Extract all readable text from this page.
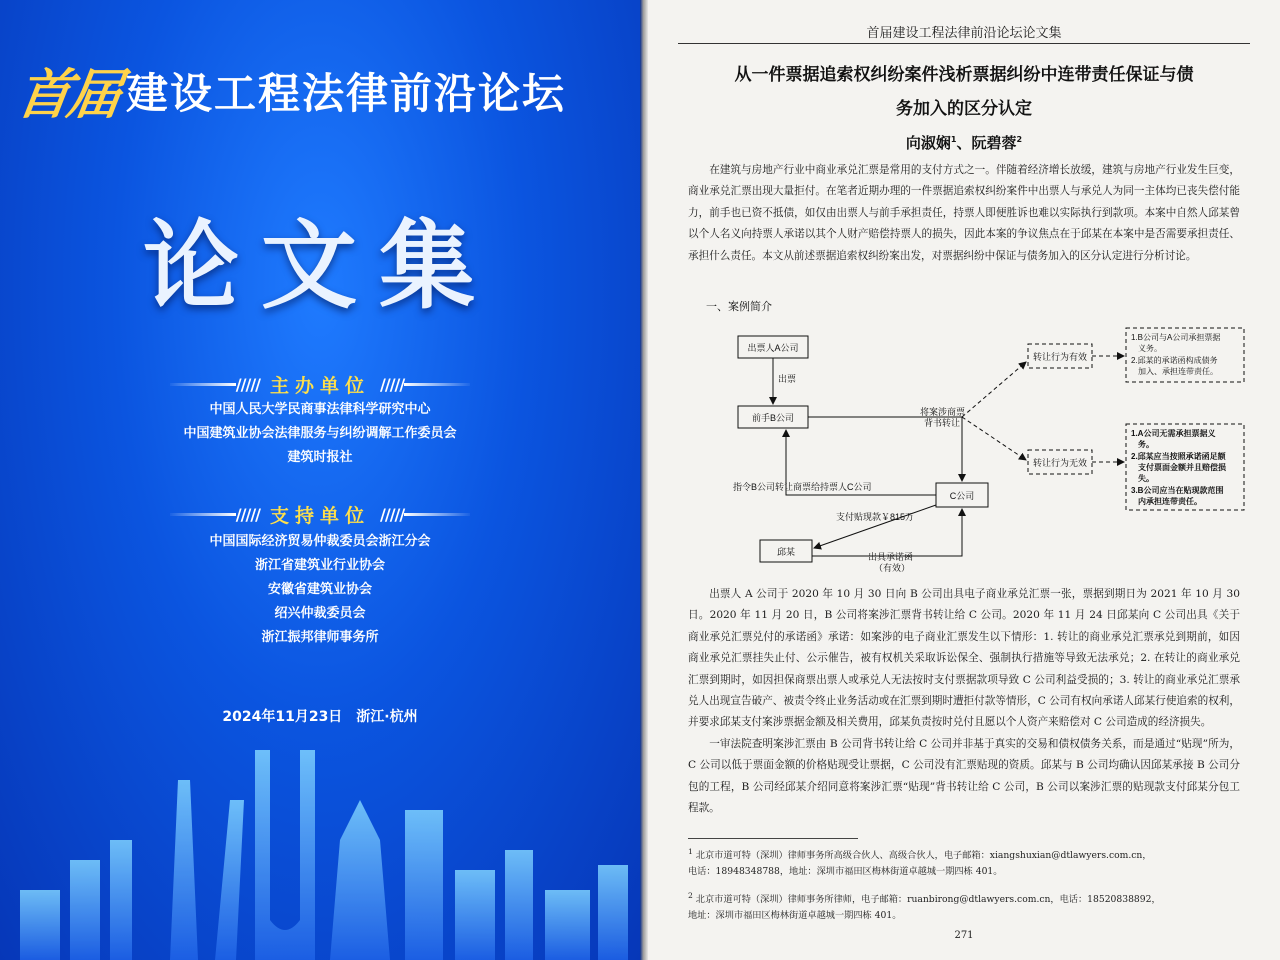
首届 建设工程法律前沿论坛
论文集
///// 主办单位 /////
中国人民大学民商事法律科学研究中心
中国建筑业协会法律服务与纠纷调解工作委员会
建筑时报社
///// 支持单位 /////
中国国际经济贸易仲裁委员会浙江分会
浙江省建筑业行业协会
安徽省建筑业协会
绍兴仲裁委员会
浙江振邦律师事务所
2024年11月23日　浙江·杭州
首届建设工程法律前沿论坛论文集
从一件票据追索权纠纷案件浅析票据纠纷中连带责任保证与债
务加入的区分认定
向淑娴$^1$、阮碧蓉$^2$

在建筑与房地产行业中商业承兑汇票是常用的支付方式之一。伴随着经济增长放缓，建筑与房地产行业发生巨变，商业承兑汇票出现大量拒付。在笔者近期办理的一件票据追索权纠纷案件中出票人与承兑人为同一主体均已丧失偿付能力，前手也已资不抵债，如仅由出票人与前手承担责任，持票人即便胜诉也难以实际执行到款项。本案中自然人邱某曾以个人名义向持票人承诺以其个人财产赔偿持票人的损失，因此本案的争议焦点在于邱某在本案中是否需要承担责任、承担什么责任。本文从前述票据追索权纠纷案出发，对票据纠纷中保证与债务加入的区分认定进行分析讨论。

一、案例简介
出票人A公司
前手B公司
C公司
邱某
出票
将案涉商票
背书转让
指令B公司转让商票给持票人C公司
支付贴现款￥815万
出具承诺函
（有效）
转让行为有效
转让行为无效
1.B公司与A公司承担票据 义务。 2.邱某的承诺函构成债务 加入、承担连带责任。
1.A公司无需承担票据义 务。 2.邱某应当按照承诺函足额 支付票面金额并且赔偿损 失。 3.B公司应当在贴现款范围 内承担连带责任。

出票人 A 公司于 2020 年 10 月 30 日向 B 公司出具电子商业承兑汇票一张，票据到期日为 2021 年 10 月 30 日。2020 年 11 月 20 日，B 公司将案涉汇票背书转让给 C 公司。2020 年 11 月 24 日邱某向 C 公司出具《关于商业承兑汇票兑付的承诺函》承诺：如案涉的电子商业汇票发生以下情形：1. 转让的商业承兑汇票承兑到期前，如因商业承兑汇票挂失止付、公示催告，被有权机关采取诉讼保全、强制执行措施等导致无法承兑；2. 在转让的商业承兑汇票到期时，如因担保商票出票人或承兑人无法按时支付票据款项导致 C 公司利益受损的；3. 转让的商业承兑汇票承兑人出现宣告破产、被责令终止业务活动或在汇票到期时遭拒付款等情形，C 公司有权向承诺人邱某行使追索的权利，并要求邱某支付案涉票据金额及相关费用，邱某负责按时兑付且愿以个人资产来赔偿对 C 公司造成的经济损失。

一审法院查明案涉汇票由 B 公司背书转让给 C 公司并非基于真实的交易和债权债务关系，而是通过“贴现”所为，C 公司以低于票面金额的价格贴现受让票据，C 公司没有汇票贴现的资质。邱某与 B 公司均确认因邱某承接 B 公司分包的工程，B 公司经邱某介绍同意将案涉汇票“贴现”背书转让给 C 公司，B 公司以案涉汇票的贴现款支付邱某分包工程款。

$^1$ 北京市道可特（深圳）律师事务所高级合伙人、高级合伙人，电子邮箱：xiangshuxian@dtlawyers.com.cn，
电话：18948348788，地址：深圳市福田区梅林街道卓越城一期四栋 401。
$^2$ 北京市道可特（深圳）律师事务所律师，电子邮箱：ruanbirong@dtlawyers.com.cn，电话：18520838892，
地址：深圳市福田区梅林街道卓越城一期四栋 401。
271
